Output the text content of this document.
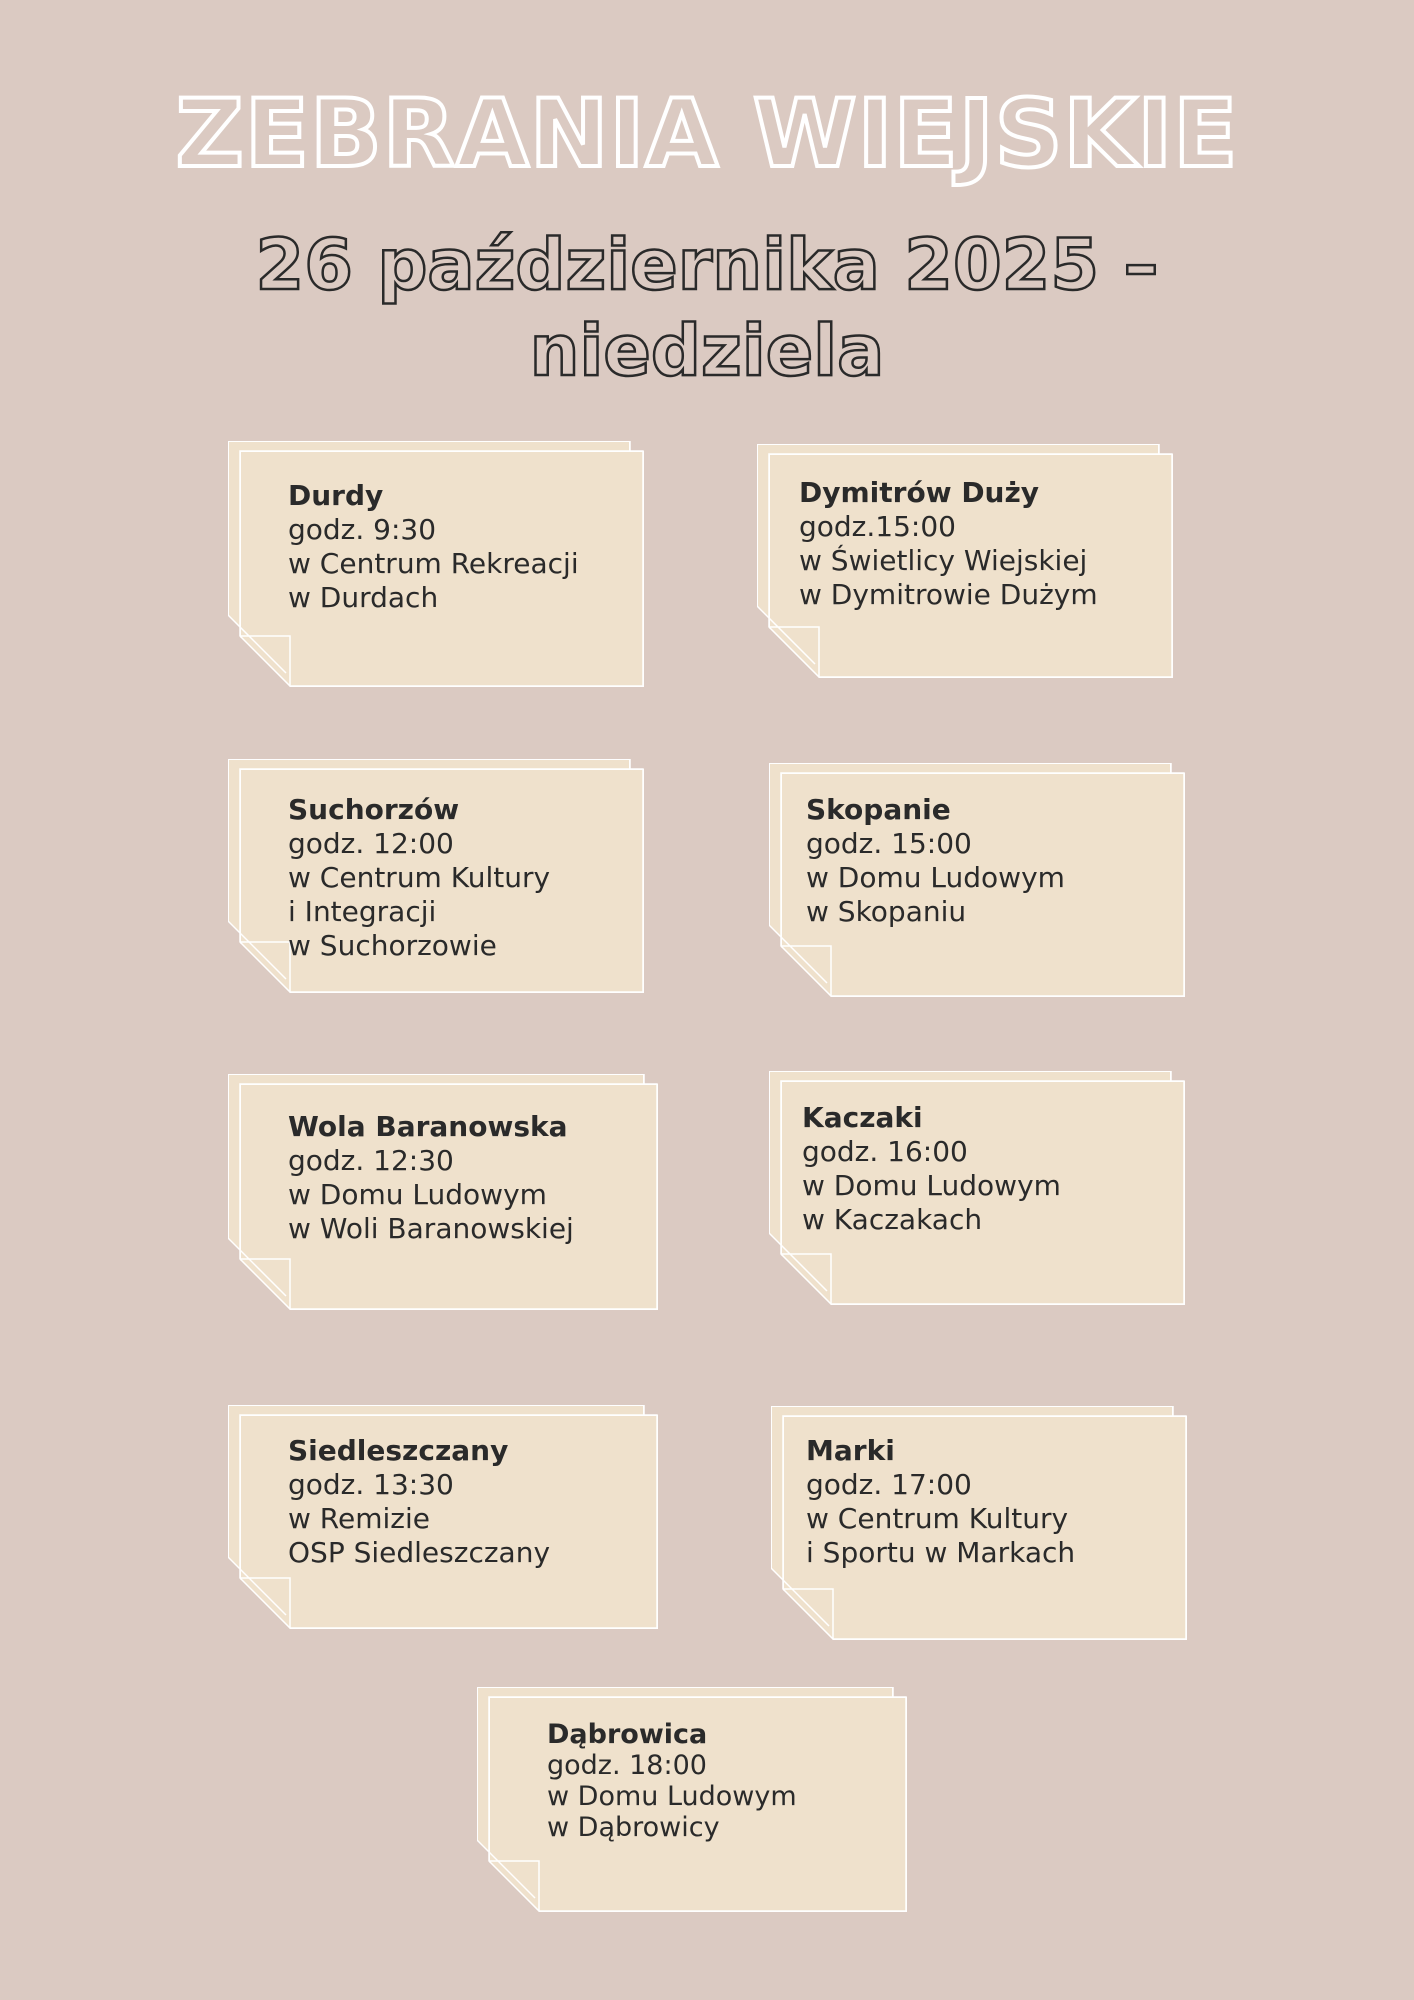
ZEBRANIA WIEJSKIE
26 października 2025 –
niedziela
Durdy
godz. 9:30
w Centrum Rekreacji
w Durdach
Dymitrów Duży
godz.15:00
w Świetlicy Wiejskiej
w Dymitrowie Dużym
Suchorzów
godz. 12:00
w Centrum Kultury
i Integracji
w Suchorzowie
Skopanie
godz. 15:00
w Domu Ludowym
w Skopaniu
Wola Baranowska
godz. 12:30
w Domu Ludowym
w Woli Baranowskiej
Kaczaki
godz. 16:00
w Domu Ludowym
w Kaczakach
Siedleszczany
godz. 13:30
w Remizie
OSP Siedleszczany
Marki
godz. 17:00
w Centrum Kultury
i Sportu w Markach
Dąbrowica
godz. 18:00
w Domu Ludowym
w Dąbrowicy
